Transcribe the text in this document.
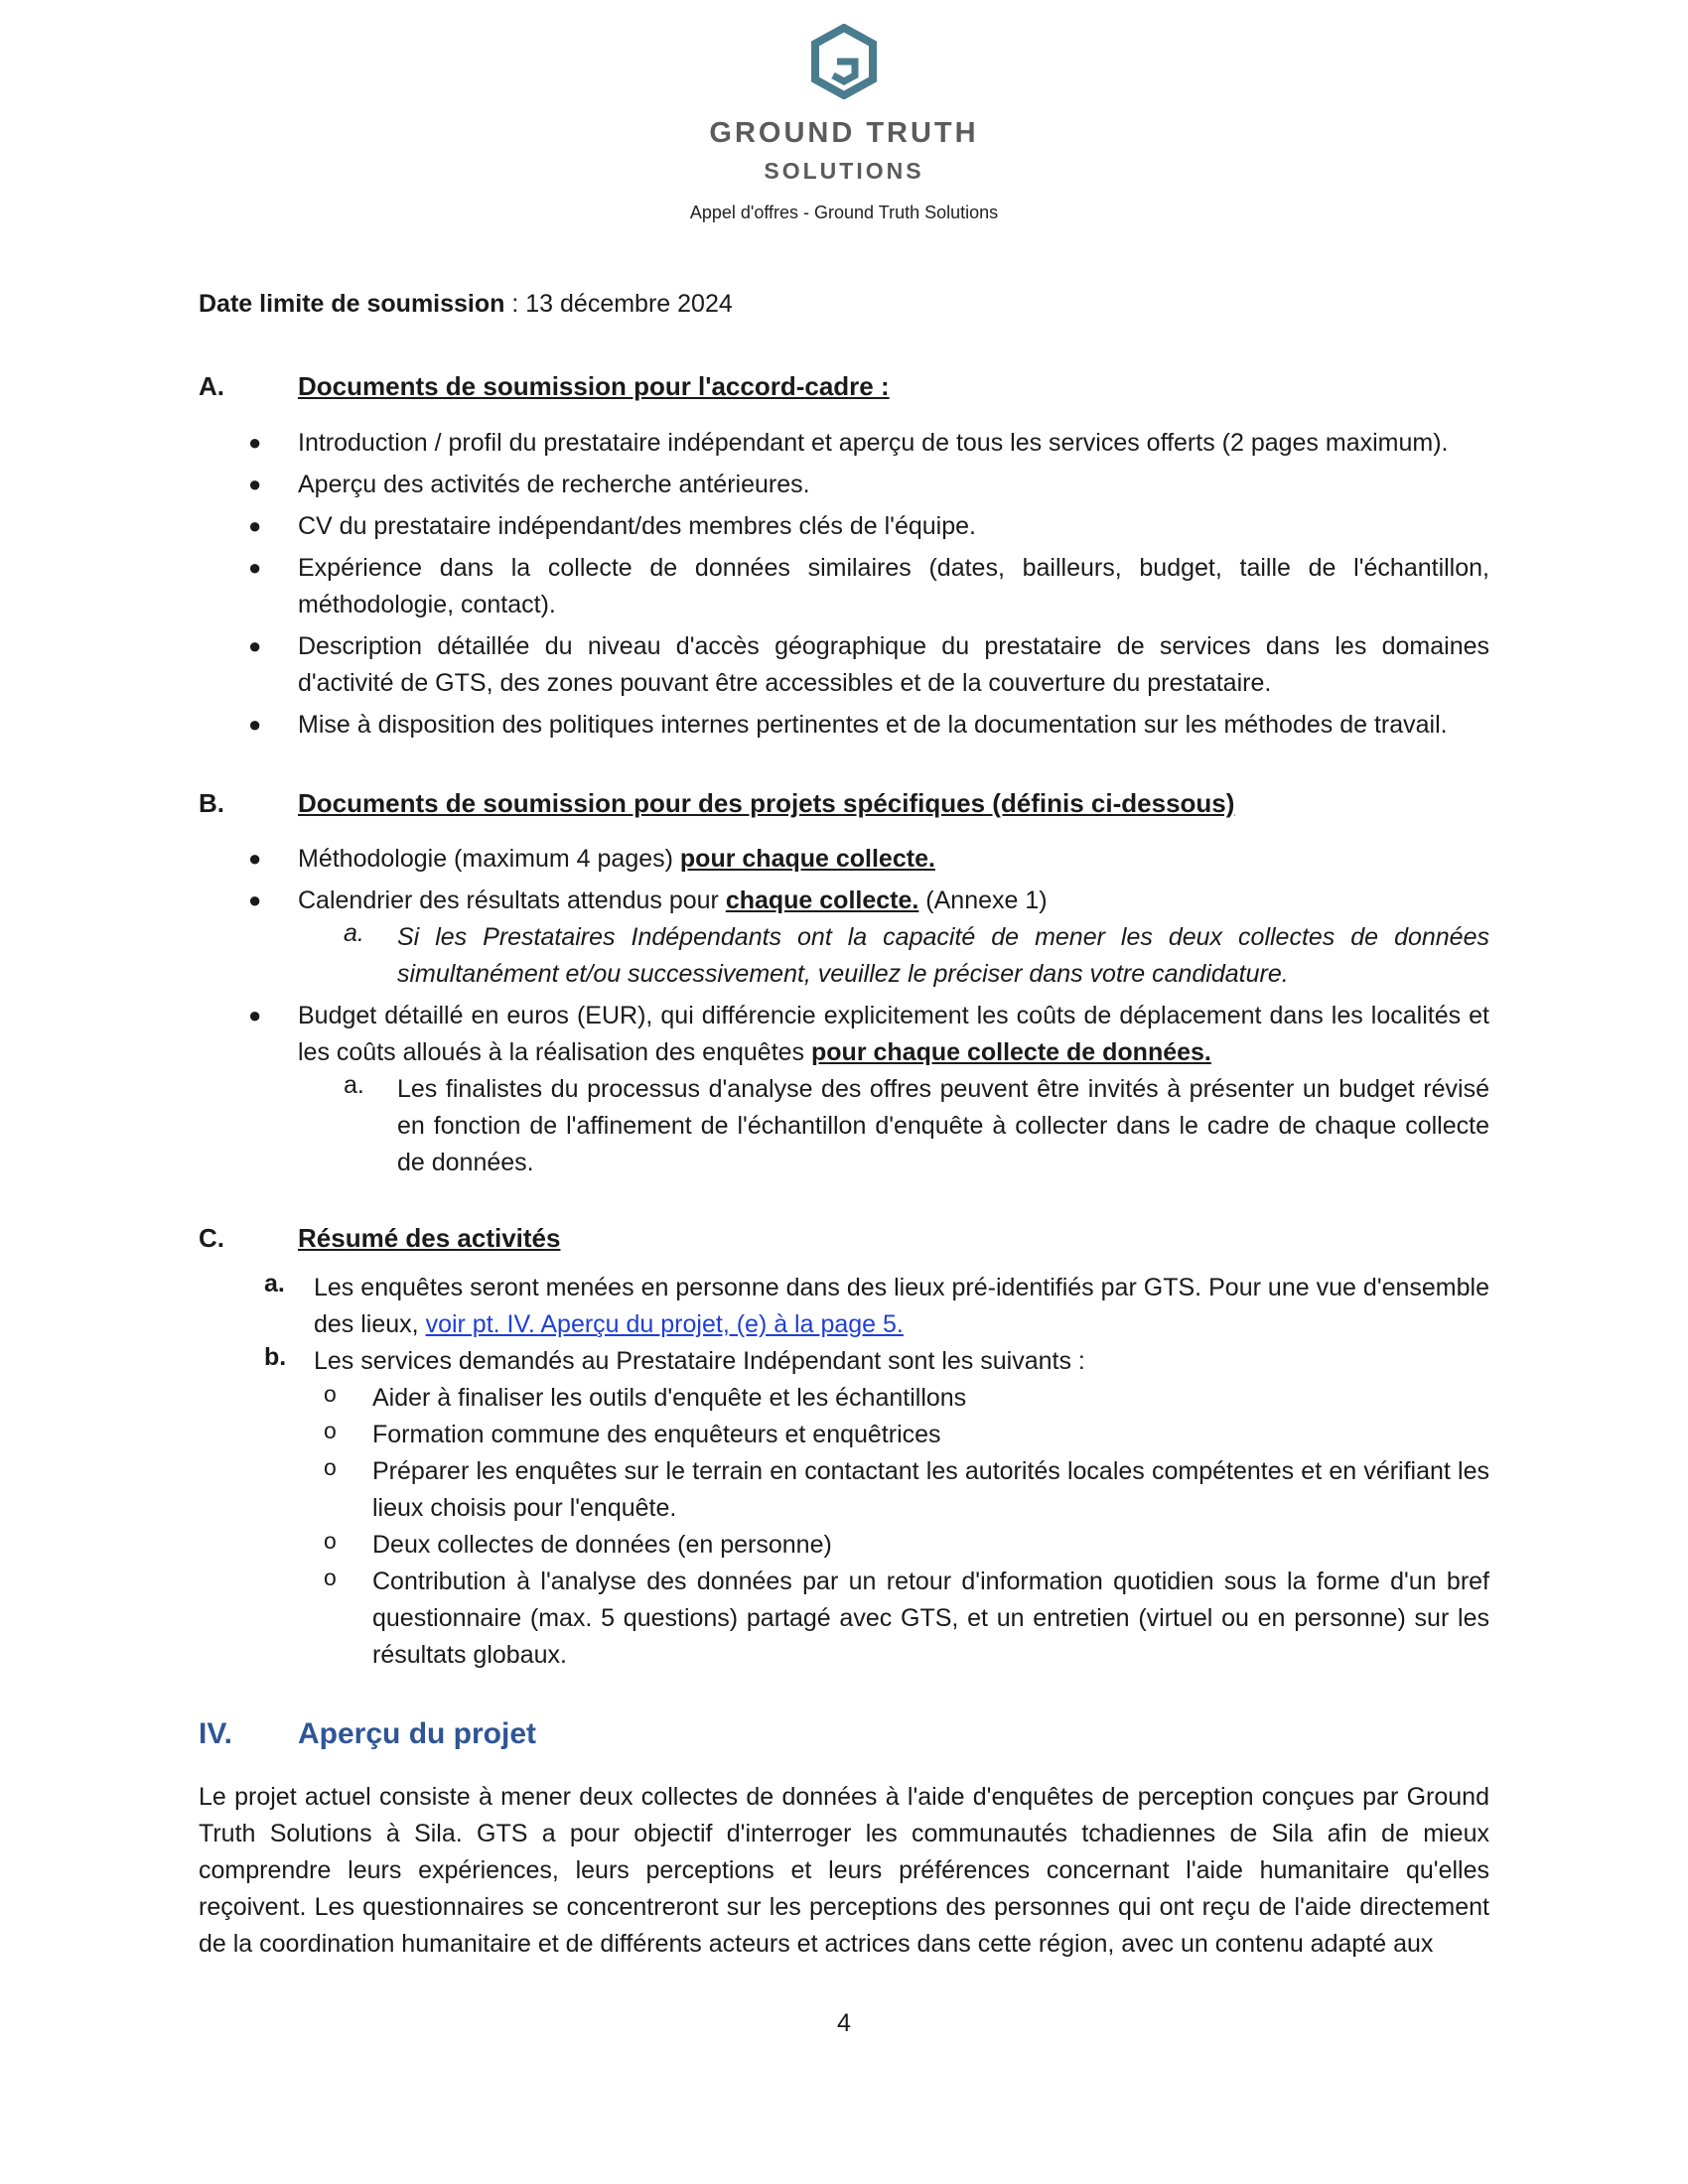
GROUND TRUTH
SOLUTIONS
Appel d'offres - Ground Truth Solutions
Date limite de soumission : 13 décembre 2024
A.	Documents de soumission pour l'accord-cadre :
● Introduction / profil du prestataire indépendant et aperçu de tous les services offerts (2 pages maximum).
● Aperçu des activités de recherche antérieures.
● CV du prestataire indépendant/des membres clés de l'équipe.
● Expérience dans la collecte de données similaires (dates, bailleurs, budget, taille de l'échantillon, méthodologie, contact).
● Description détaillée du niveau d'accès géographique du prestataire de services dans les domaines d'activité de GTS, des zones pouvant être accessibles et de la couverture du prestataire.
● Mise à disposition des politiques internes pertinentes et de la documentation sur les méthodes de travail.
B.	Documents de soumission pour des projets spécifiques (définis ci-dessous)
● Méthodologie (maximum 4 pages) pour chaque collecte.
● Calendrier des résultats attendus pour chaque collecte. (Annexe 1)
a. Si les Prestataires Indépendants ont la capacité de mener les deux collectes de données simultanément et/ou successivement, veuillez le préciser dans votre candidature.
● Budget détaillé en euros (EUR), qui différencie explicitement les coûts de déplacement dans les localités et les coûts alloués à la réalisation des enquêtes pour chaque collecte de données.
a. Les finalistes du processus d'analyse des offres peuvent être invités à présenter un budget révisé en fonction de l'affinement de l'échantillon d'enquête à collecter dans le cadre de chaque collecte de données.
C.	Résumé des activités
a. Les enquêtes seront menées en personne dans des lieux pré-identifiés par GTS. Pour une vue d'ensemble des lieux, voir pt. IV. Aperçu du projet, (e) à la page 5.
b. Les services demandés au Prestataire Indépendant sont les suivants :
o Aider à finaliser les outils d'enquête et les échantillons
o Formation commune des enquêteurs et enquêtrices
o Préparer les enquêtes sur le terrain en contactant les autorités locales compétentes et en vérifiant les lieux choisis pour l'enquête.
o Deux collectes de données (en personne)
o Contribution à l'analyse des données par un retour d'information quotidien sous la forme d'un bref questionnaire (max. 5 questions) partagé avec GTS, et un entretien (virtuel ou en personne) sur les résultats globaux.
IV. Aperçu du projet
Le projet actuel consiste à mener deux collectes de données à l'aide d'enquêtes de perception conçues par Ground Truth Solutions à Sila. GTS a pour objectif d'interroger les communautés tchadiennes de Sila afin de mieux comprendre leurs expériences, leurs perceptions et leurs préférences concernant l'aide humanitaire qu'elles reçoivent. Les questionnaires se concentreront sur les perceptions des personnes qui ont reçu de l'aide directement de la coordination humanitaire et de différents acteurs et actrices dans cette région, avec un contenu adapté aux
4
